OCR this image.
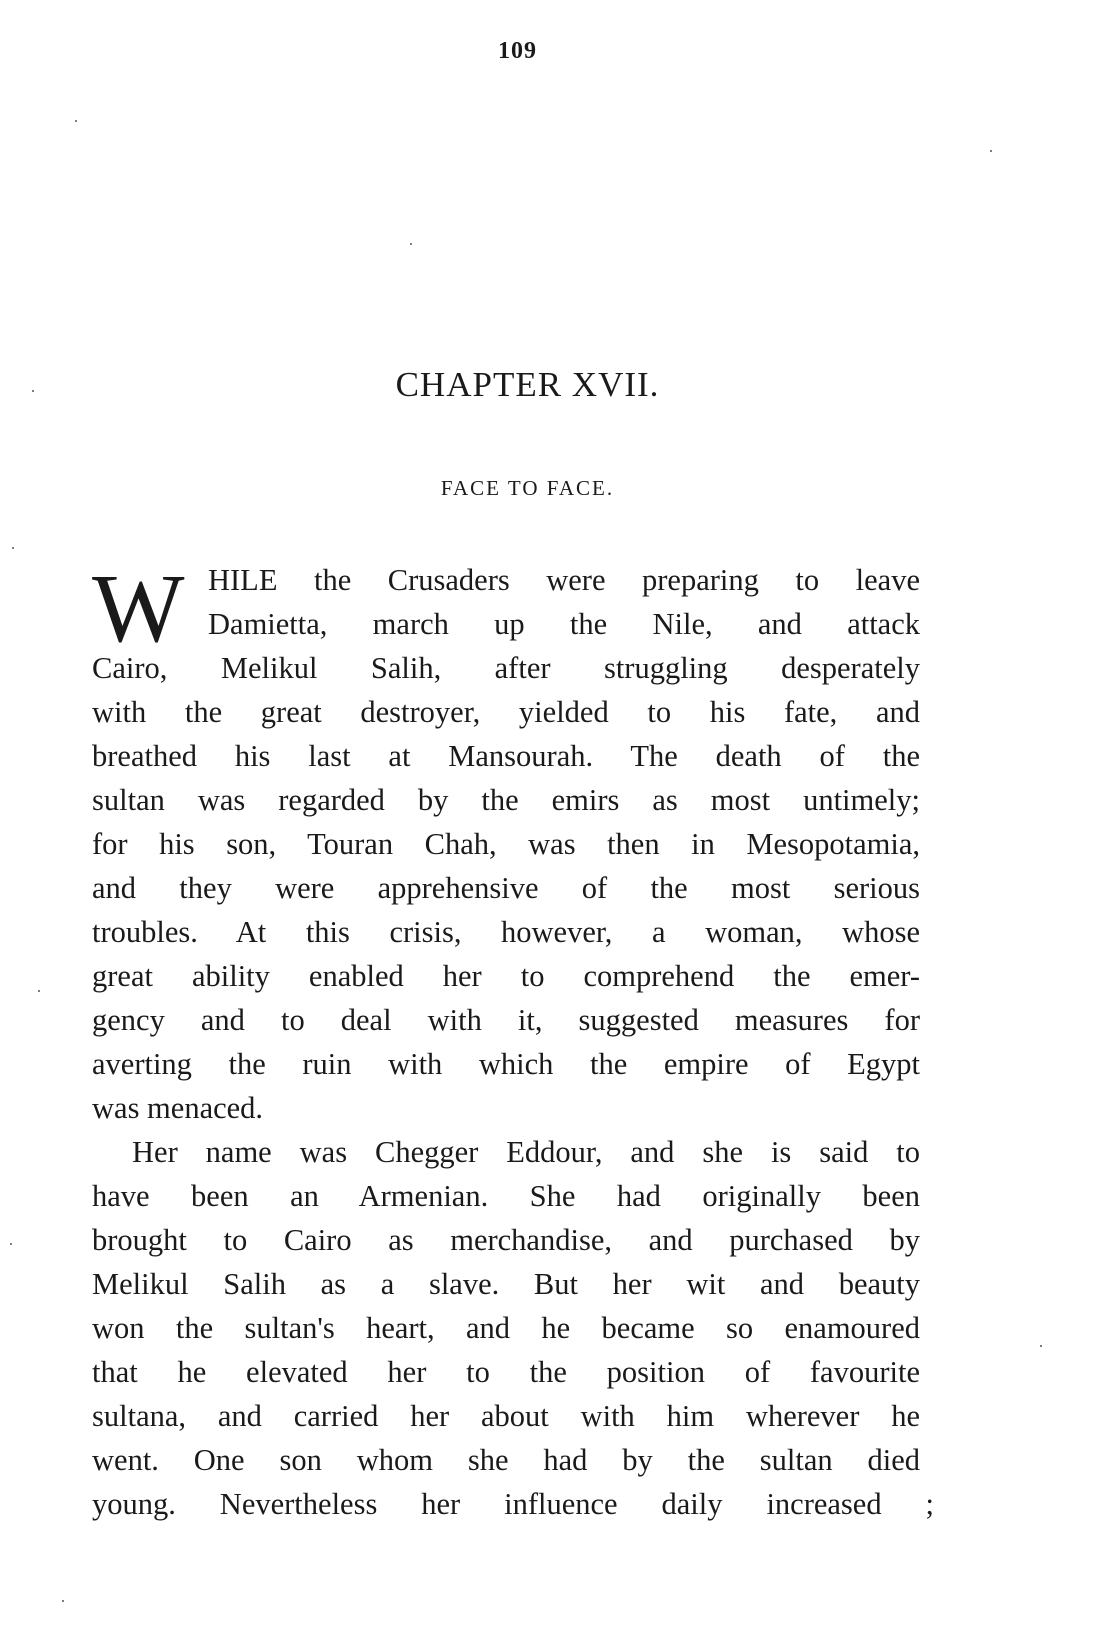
109
CHAPTER XVII.
FACE TO FACE.
W HILE the Crusaders were preparing to leave
Damietta, march up the Nile, and attack
Cairo, Melikul Salih, after struggling desperately
with the great destroyer, yielded to his fate, and
breathed his last at Mansourah. The death of the
sultan was regarded by the emirs as most untimely;
for his son, Touran Chah, was then in Mesopotamia,
and they were apprehensive of the most serious
troubles. At this crisis, however, a woman, whose
great ability enabled her to comprehend the emer-
gency and to deal with it, suggested measures for
averting the ruin with which the empire of Egypt
was menaced.
Her name was Chegger Eddour, and she is said to
have been an Armenian. She had originally been
brought to Cairo as merchandise, and purchased by
Melikul Salih as a slave. But her wit and beauty
won the sultan's heart, and he became so enamoured
that he elevated her to the position of favourite
sultana, and carried her about with him wherever he
went. One son whom she had by the sultan died
young. Nevertheless her influence daily increased ;
